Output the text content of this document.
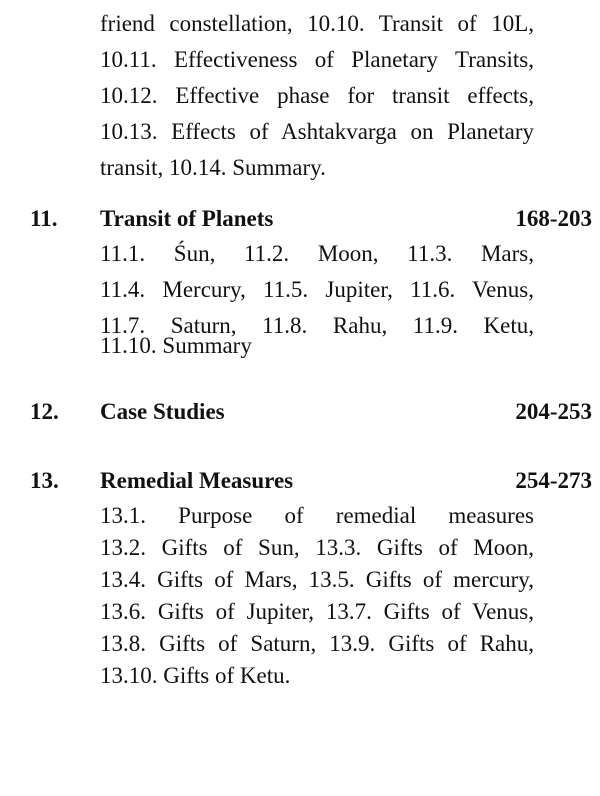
friend constellation, 10.10. Transit of 10L,
10.11. Effectiveness of Planetary Transits,
10.12. Effective phase for transit effects,
10.13. Effects of Ashtakvarga on Planetary
transit, 10.14. Summary.
11. Transit of Planets	168-203
11.1. Śun, 11.2. Moon, 11.3. Mars,
11.4. Mercury, 11.5. Jupiter, 11.6. Venus,
11.7. Saturn, 11.8. Rahu, 11.9. Ketu,
11.10. Summary
12. Case Studies	204-253
13. Remedial Measures	254-273
13.1. Purpose of remedial measures
13.2. Gifts of Sun, 13.3. Gifts of Moon,
13.4. Gifts of Mars, 13.5. Gifts of mercury,
13.6. Gifts of Jupiter, 13.7. Gifts of Venus,
13.8. Gifts of Saturn, 13.9. Gifts of Rahu,
13.10. Gifts of Ketu.
